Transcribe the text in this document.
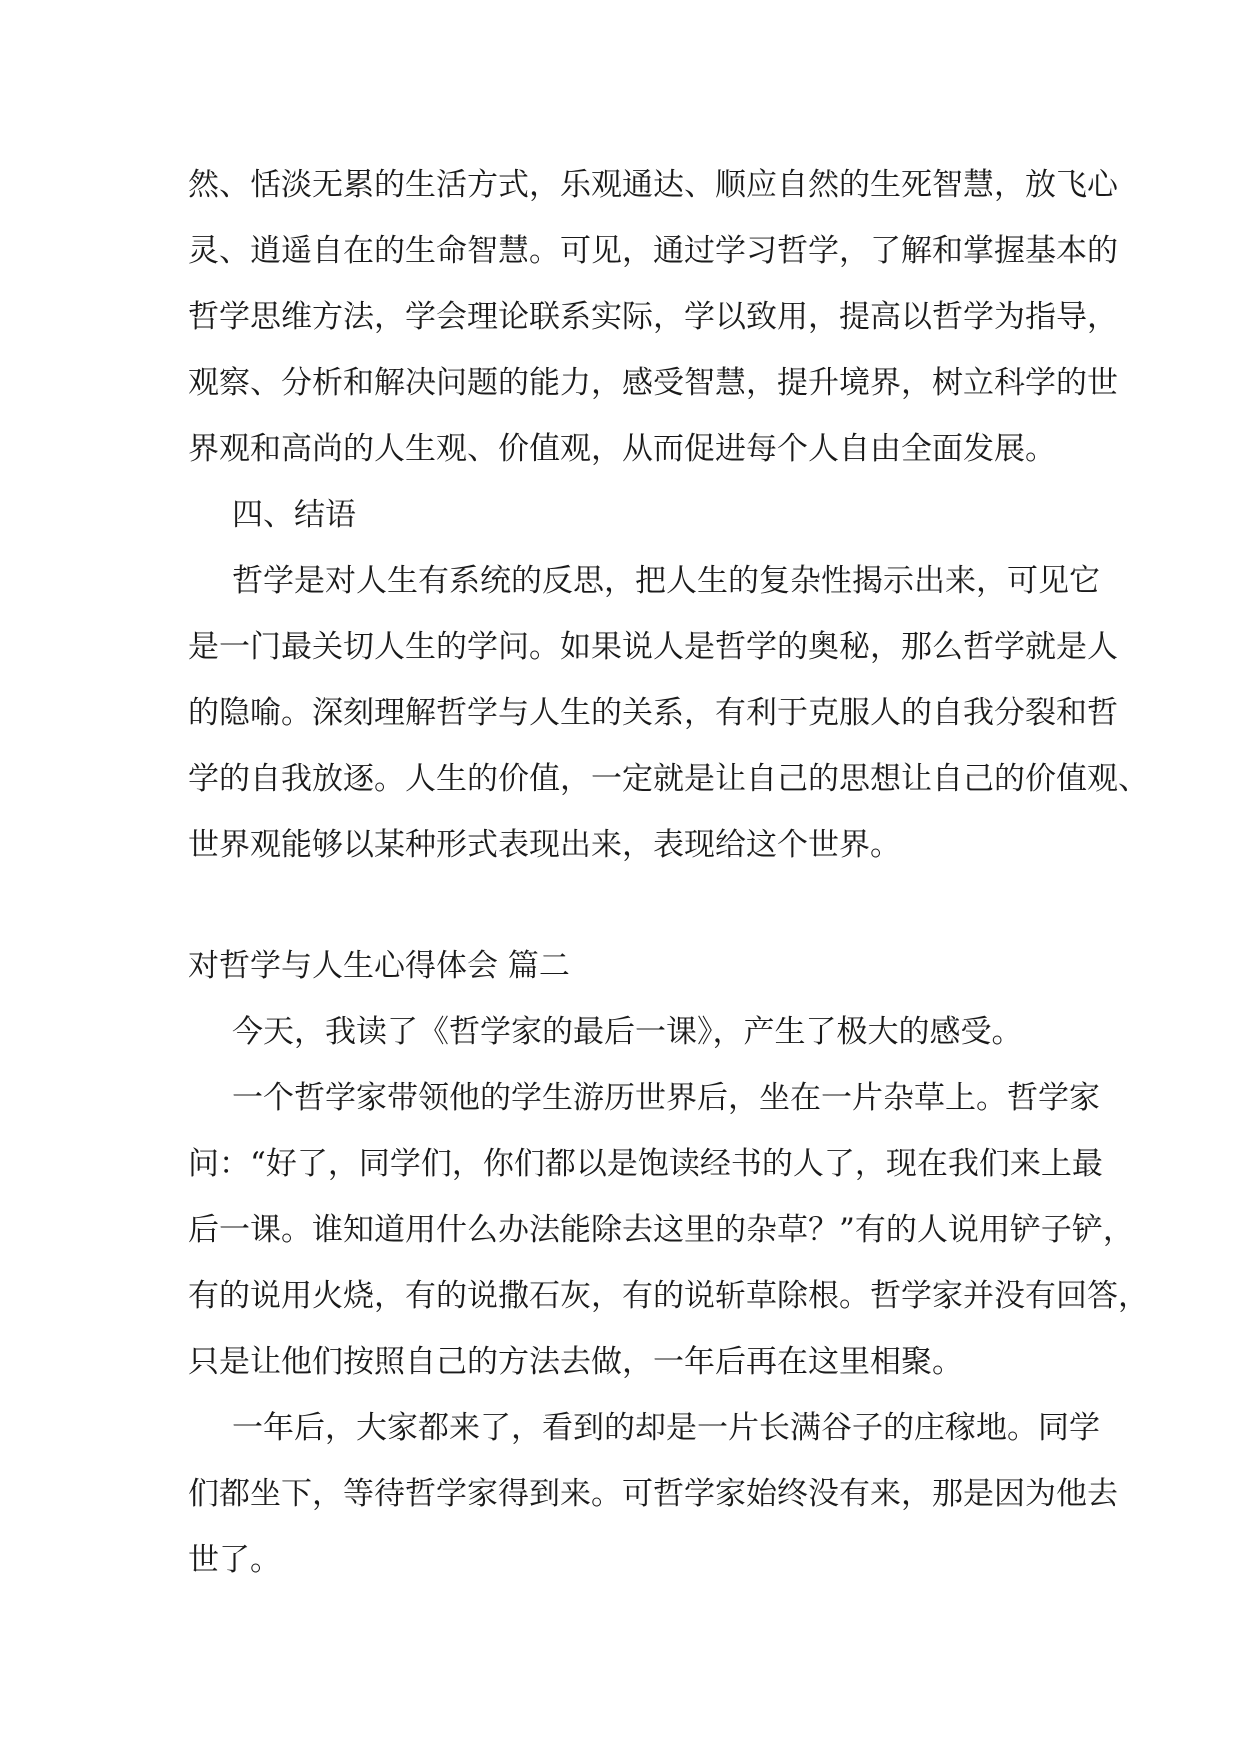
然、恬淡无累的生活方式，乐观通达、顺应自然的生死智慧，放飞心
灵、逍遥自在的生命智慧。可见，通过学习哲学，了解和掌握基本的
哲学思维方法，学会理论联系实际，学以致用，提高以哲学为指导，
观察、分析和解决问题的能力，感受智慧，提升境界，树立科学的世
界观和高尚的人生观、价值观，从而促进每个人自由全面发展。
四、结语
哲学是对人生有系统的反思，把人生的复杂性揭示出来，可见它
是一门最关切人生的学问。如果说人是哲学的奥秘，那么哲学就是人
的隐喻。深刻理解哲学与人生的关系，有利于克服人的自我分裂和哲
学的自我放逐。人生的价值，一定就是让自己的思想让自己的价值观、
世界观能够以某种形式表现出来，表现给这个世界。
对哲学与人生心得体会 篇二
今天，我读了《哲学家的最后一课》，产生了极大的感受。
一个哲学家带领他的学生游历世界后，坐在一片杂草上。哲学家
问：“好了，同学们，你们都以是饱读经书的人了，现在我们来上最
后一课。谁知道用什么办法能除去这里的杂草？”有的人说用铲子铲，
有的说用火烧，有的说撒石灰，有的说斩草除根。哲学家并没有回答，
只是让他们按照自己的方法去做，一年后再在这里相聚。
一年后，大家都来了，看到的却是一片长满谷子的庄稼地。同学
们都坐下，等待哲学家得到来。可哲学家始终没有来，那是因为他去
世了。
